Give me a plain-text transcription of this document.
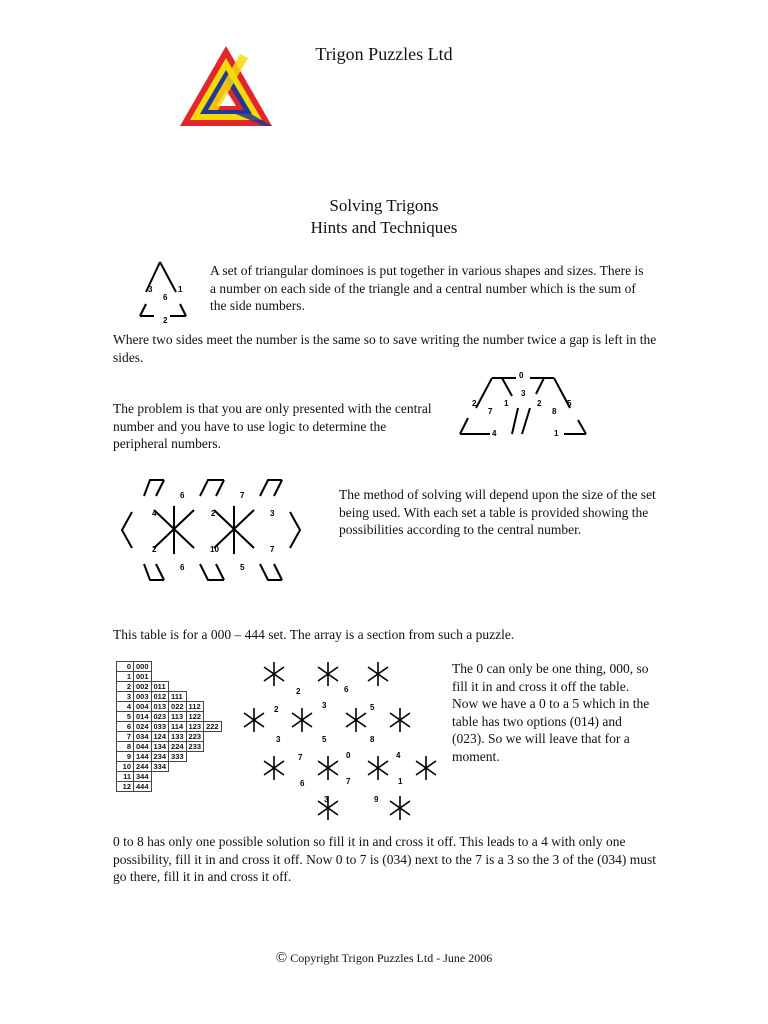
Trigon Puzzles Ltd
Solving Trigons
Hints and Techniques
3	1
6
2
A set of triangular dominoes is put together in various shapes and sizes. There is a number on each side of the triangle and a central number which is the sum of the side numbers.
Where two sides meet the number is the same so to save writing the number twice a gap is left in the sides.
The problem is that you are only presented with the central number and you have to use logic to determine the peripheral numbers.
0
3
2	1	2	5
7	8
4	1
6	7
4	2	3
2	10	7
6	5
The method of solving will depend upon the size of the set being used. With each set a table is provided showing the possibilities according to the central number.
This table is for a 000 – 444 set. The array is a section from such a puzzle.
0	000				
1	001				
2	002	011			
3	003	012	111		
4	004	013	022	112	
5	014	023	113	122	
6	024	033	114	123	222
7	034	124	133	223	
8	044	134	224	233	
9	144	234	333		
10	244	334			
11	344				
12	444				
2	6
2	3	5
3	5	8
7	0	4
6	7	1
3	9
The 0 can only be one thing, 000, so fill it in and cross it off the table. Now we have a 0 to a 5 which in the table has two options (014) and (023). So we will leave that for a moment.
0 to 8 has only one possible solution so fill it in and cross it off. This leads to a 4 with only one possibility, fill it in and cross it off. Now 0 to 7 is (034) next to the 7 is a 3 so the 3 of the (034) must go there, fill it in and cross it off.
© Copyright Trigon Puzzles Ltd - June 2006
